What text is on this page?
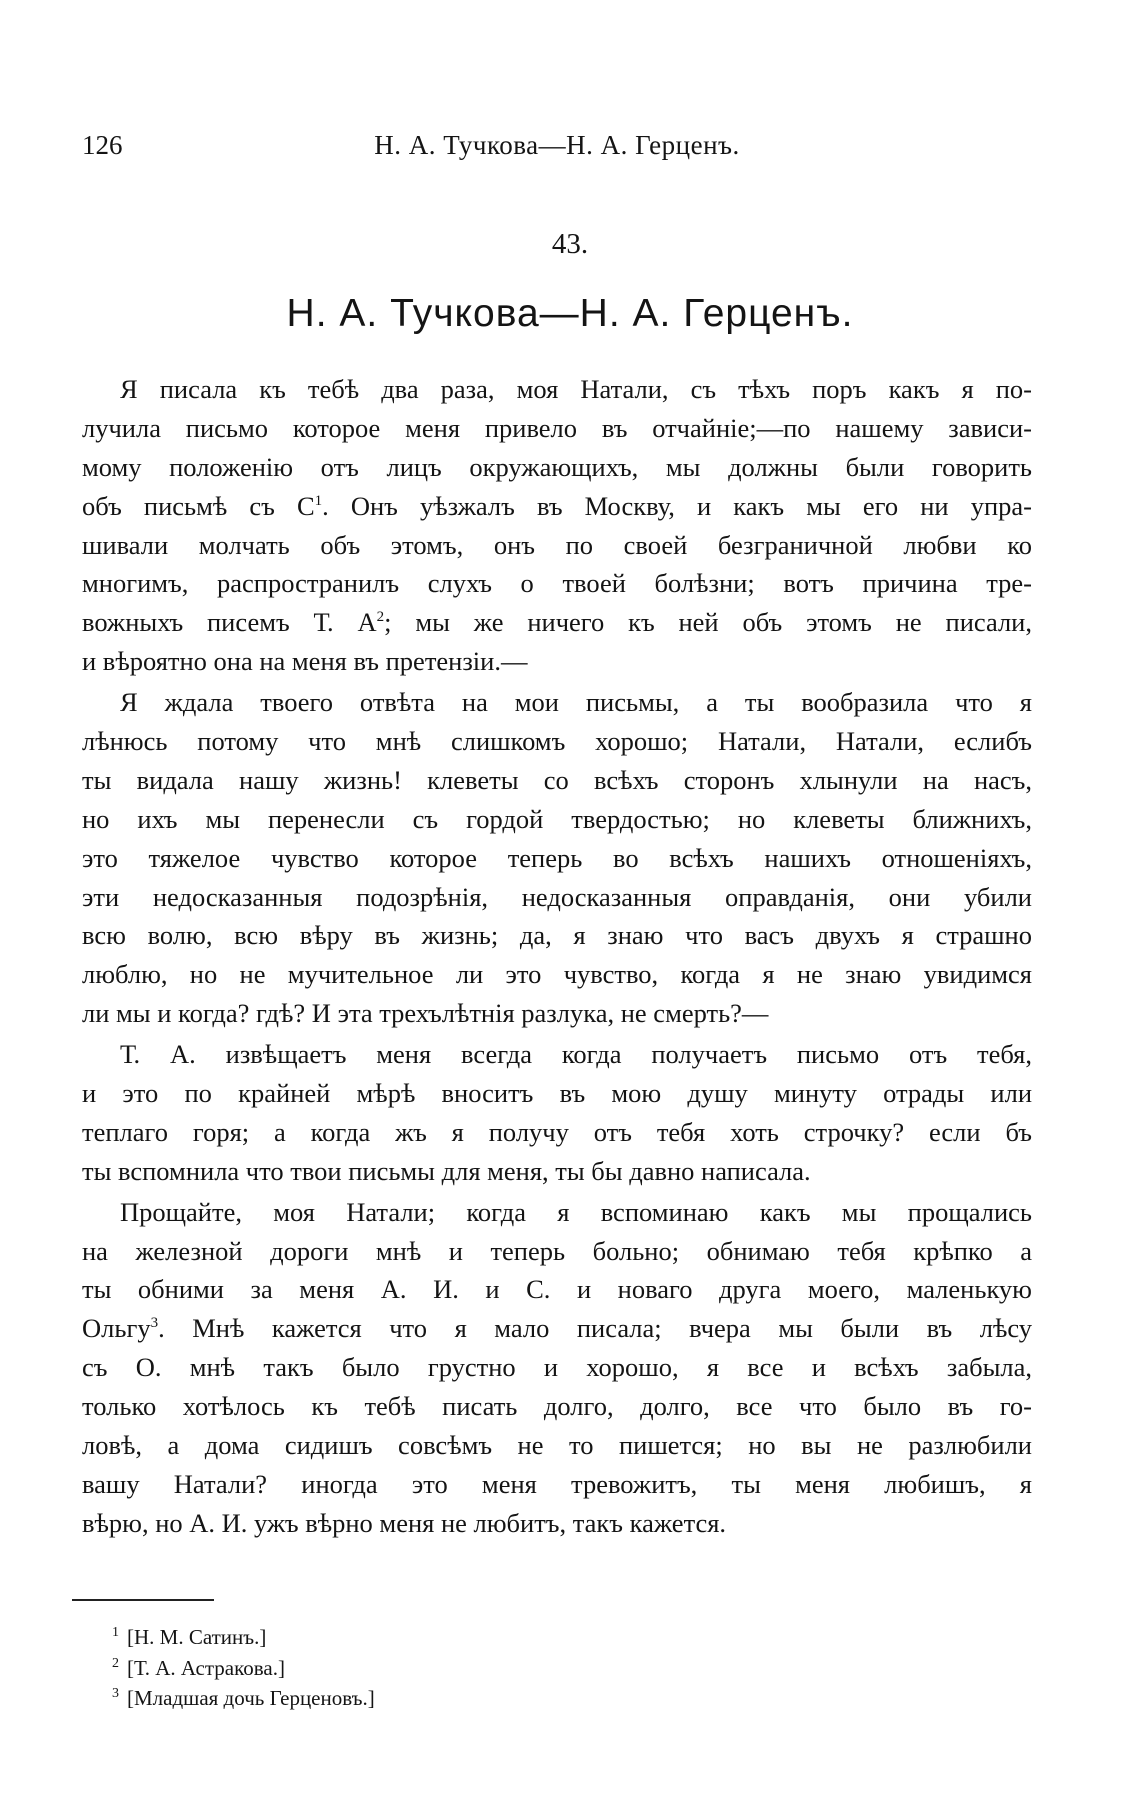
126	Н. А. Тучкова—Н. А. Герценъ.
43.
Н. А. Тучкова—Н. А. Герценъ.
Я писала къ тебѣ два раза, моя Натали, съ тѣхъ поръ какъ я по-
лучила письмо которое меня привело въ отчайніе;—по нашему зависи-
мому положенію отъ лицъ окружающихъ, мы должны были говорить
объ письмѣ съ $С^1$. Онъ уѣзжалъ въ Москву, и какъ мы его ни упра-
шивали молчать объ этомъ, онъ по своей безграничной любви ко
многимъ, распространилъ слухъ о твоей болѣзни; вотъ причина тре-
вожныхъ писемъ Т. $А^2$; мы же ничего къ ней объ этомъ не писали,
и вѣроятно она на меня въ претензіи.—
Я ждала твоего отвѣта на мои письмы, а ты вообразила что я
лѣнюсь потому что мнѣ слишкомъ хорошо; Натали, Натали, еслибъ
ты видала нашу жизнь! клеветы со всѣхъ сторонъ хлынули на насъ,
но ихъ мы перенесли съ гордой твердостью; но клеветы ближнихъ,
это тяжелое чувство которое теперь во всѣхъ нашихъ отношеніяхъ,
эти недосказанныя подозрѣнія, недосказанныя оправданія, они убили
всю волю, всю вѣру въ жизнь; да, я знаю что васъ двухъ я страшно
люблю, но не мучительное ли это чувство, когда я не знаю увидимся
ли мы и когда? гдѣ? И эта трехълѣтнія разлука, не смерть?—
Т. А. извѣщаетъ меня всегда когда получаетъ письмо отъ тебя,
и это по крайней мѣрѣ вноситъ въ мою душу минуту отрады или
теплаго горя; а когда жъ я получу отъ тебя хоть строчку? если бъ
ты вспомнила что твои письмы для меня, ты бы давно написала.
Прощайте, моя Натали; когда я вспоминаю какъ мы прощались
на железной дороги мнѣ и теперь больно; обнимаю тебя крѣпко а
ты обними за меня А. И. и С. и новаго друга моего, маленькую
Ольгу$^3$. Мнѣ кажется что я мало писала; вчера мы были въ лѣсу
съ О. мнѣ такъ было грустно и хорошо, я все и всѣхъ забыла,
только хотѣлось къ тебѣ писать долго, долго, все что было въ го-
ловѣ, а дома сидишъ совсѣмъ не то пишется; но вы не разлюбили
вашу Натали? иногда это меня тревожитъ, ты меня любишъ, я
вѣрю, но А. И. ужъ вѣрно меня не любитъ, такъ кажется.
$^1$ [Н. М. Сатинъ.]
$^2$ [Т. А. Астракова.]
$^3$ [Младшая дочь Герценовъ.]
